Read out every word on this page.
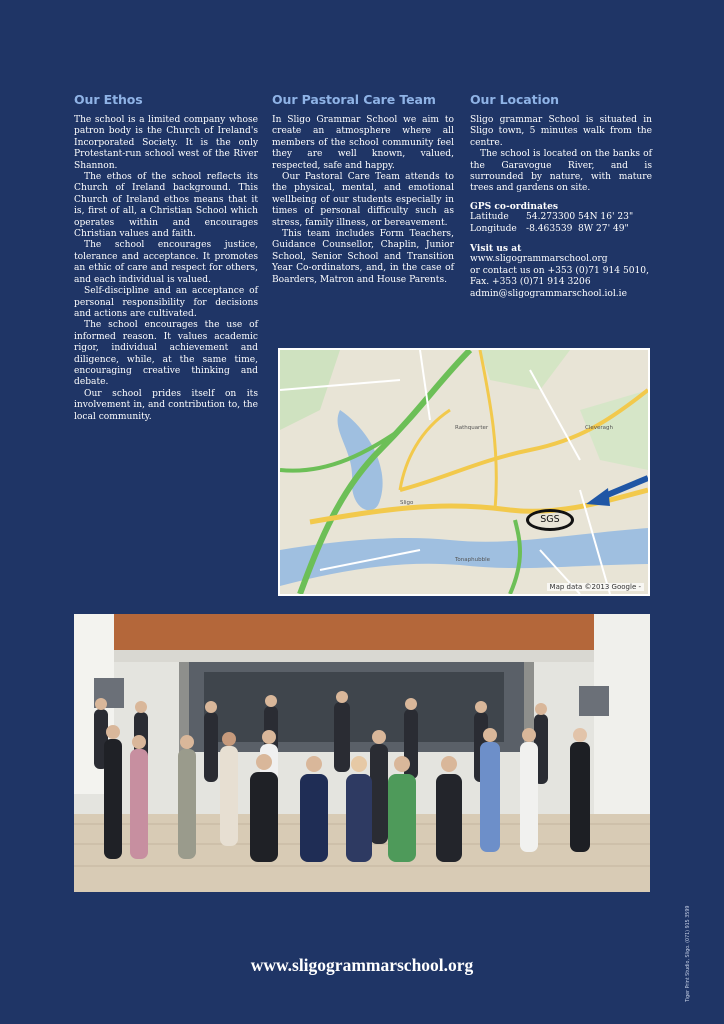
Our Ethos

The school is a limited company whose patron body is the Church of Ireland's Incorporated Society. It is the only Protestant-run school west of the River Shannon.

The ethos of the school reflects its Church of Ireland background. This Church of Ireland ethos means that it is, first of all, a Christian School which operates within and encourages Christian values and faith.

The school encourages justice, tolerance and acceptance. It promotes an ethic of care and respect for others, and each individual is valued.

Self-discipline and an acceptance of personal responsibility for decisions and actions are cultivated.

The school encourages the use of informed reason. It values academic rigor, individual achievement and diligence, while, at the same time, encouraging creative thinking and debate.

Our school prides itself on its involvement in, and contribution to, the local community.

Our Pastoral Care Team

In Sligo Grammar School we aim to create an atmosphere where all members of the school community feel they are well known, valued, respected, safe and happy.

Our Pastoral Care Team attends to the physical, mental, and emotional wellbeing of our students especially in times of personal difficulty such as stress, family illness, or bereavement.

This team includes Form Teachers, Guidance Counsellor, Chaplin, Junior School, Senior School and Transition Year Co-ordinators, and, in the case of Boarders, Matron and House Parents.

Our Location

Sligo grammar School is situated in Sligo town, 5 minutes walk from the centre.

The school is located on the banks of the Garavogue River, and is surrounded by nature, with mature trees and gardens on site.

GPS co-ordinates

Latitude 54.273300 54N 16' 23"

Longitude -8.463539 8W 27' 49"

Visit us at

www.sligogrammarschool.org

or contact us on +353 (0)71 914 5010,

Fax. +353 (0)71 914 3206

admin@sligogrammarschool.iol.ie

Sligo
Rathquarter	Cleveragh
Tonaphubble
SGS
Map data ©2013 Google -
www.sligogrammarschool.org	Tiger Print Studio, Sligo. (071) 915 3599
